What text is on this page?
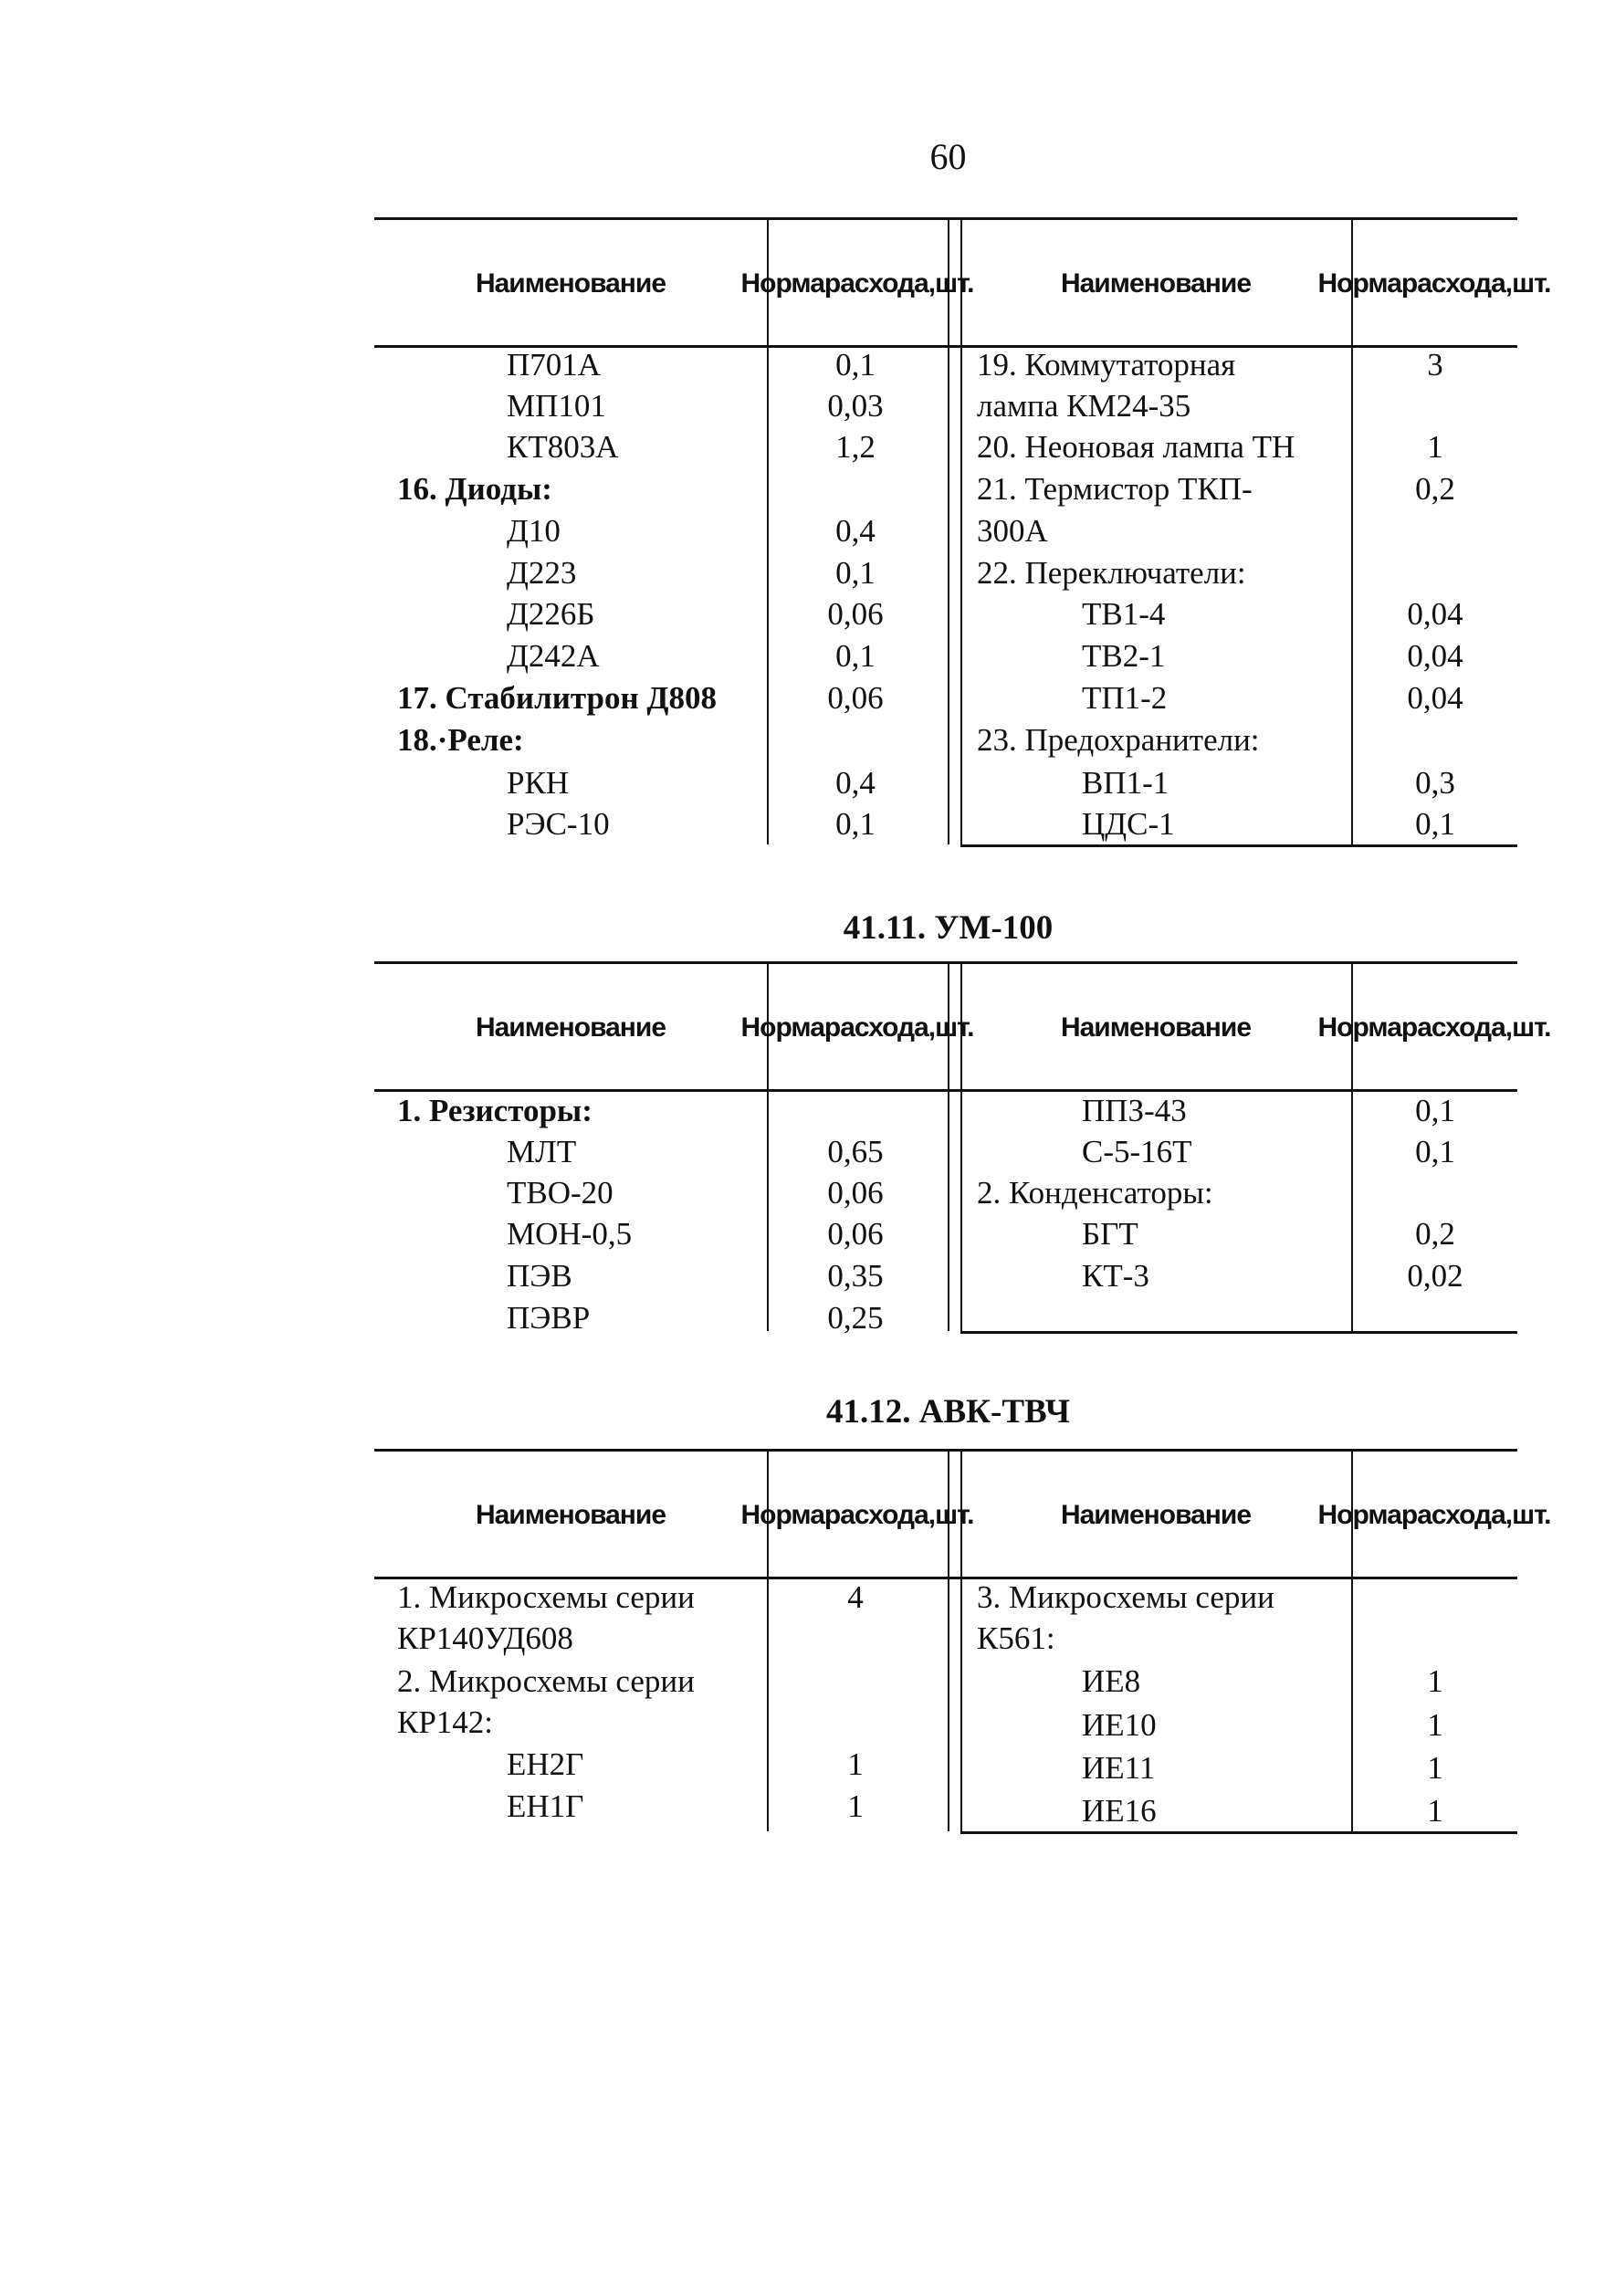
60
41.11. УМ-100
41.12. АВК-ТВЧ
Наименование	Норма расхода, шт.	Наименование	Норма расхода, шт.
П701А	0,1
МП101	0,03
КТ803А	1,2
16. Диоды:
Д10	0,4
Д223	0,1
Д226Б	0,06
Д242А	0,1
17. Стабилитрон Д808	0,06
18.·Реле:
РКН	0,4
РЭС-10	0,1
19. Коммутаторная	3
лампа КМ24-35
20. Неоновая лампа ТН	1
21. Термистор ТКП-	0,2
300А
22. Переключатели:
ТВ1-4	0,04
ТВ2-1	0,04
ТП1-2	0,04
23. Предохранители:
ВП1-1	0,3
ЦДС-1	0,1
Наименование	Норма расхода, шт.	Наименование	Норма расхода, шт.
1. Резисторы:
МЛТ	0,65
ТВО-20	0,06
МОН-0,5	0,06
ПЭВ	0,35
ПЭВР	0,25
ППЗ-43	0,1
С-5-16Т	0,1
2. Конденсаторы:
БГТ	0,2
КТ-3	0,02
Наименование	Норма расхода, шт.	Наименование	Норма расхода, шт.
1. Микросхемы серии	4
КР140УД608
2. Микросхемы серии
КР142:
ЕН2Г	1
ЕН1Г	1
3. Микросхемы серии
К561:
ИЕ8	1
ИЕ10	1
ИЕ11	1
ИЕ16	1
